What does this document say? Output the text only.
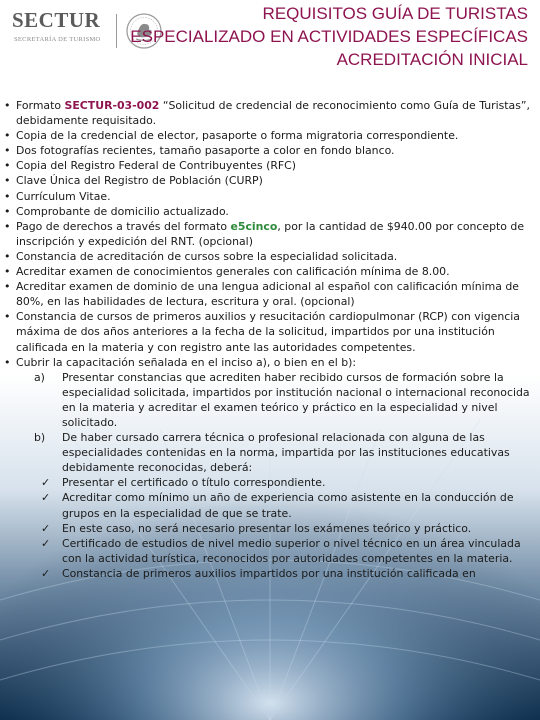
SECTUR
SECRETARÍA DE TURISMO
REQUISITOS GUÍA DE TURISTAS
ESPECIALIZADO EN ACTIVIDADES ESPECÍFICAS
ACREDITACIÓN INICIAL
• Formato SECTUR-03-002 “Solicitud de credencial de reconocimiento como Guía de Turistas”, debidamente requisitado.
• Copia de la credencial de elector, pasaporte o forma migratoria correspondiente.
• Dos fotografías recientes, tamaño pasaporte a color en fondo blanco.
• Copia del Registro Federal de Contribuyentes (RFC)
• Clave Única del Registro de Población (CURP)
• Currículum Vitae.
• Comprobante de domicilio actualizado.
• Pago de derechos a través del formato e5cinco, por la cantidad de $940.00 por concepto de inscripción y expedición del RNT. (opcional)
• Constancia de acreditación de cursos sobre la especialidad solicitada.
• Acreditar examen de conocimientos generales con calificación mínima de 8.00.
• Acreditar examen de dominio de una lengua adicional al español con calificación mínima de 80%, en las habilidades de lectura, escritura y oral. (opcional)
• Constancia de cursos de primeros auxilios y resucitación cardiopulmonar (RCP) con vigencia máxima de dos años anteriores a la fecha de la solicitud, impartidos por una institución calificada en la materia y con registro ante las autoridades competentes.
• Cubrir la capacitación señalada en el inciso a), o bien en el b):
a) Presentar constancias que acrediten haber recibido cursos de formación sobre la especialidad solicitada, impartidos por institución nacional o internacional reconocida en la materia y acreditar el examen teórico y práctico en la especialidad y nivel solicitado.
b) De haber cursado carrera técnica o profesional relacionada con alguna de las especialidades contenidas en la norma, impartida por las instituciones educativas debidamente reconocidas, deberá:
✓ Presentar el certificado o título correspondiente.
✓ Acreditar como mínimo un año de experiencia como asistente en la conducción de grupos en la especialidad de que se trate.
✓ En este caso, no será necesario presentar los exámenes teórico y práctico.
✓ Certificado de estudios de nivel medio superior o nivel técnico en un área vinculada con la actividad turística, reconocidos por autoridades competentes en la materia.
✓ Constancia de primeros auxilios impartidos por una institución calificada en
